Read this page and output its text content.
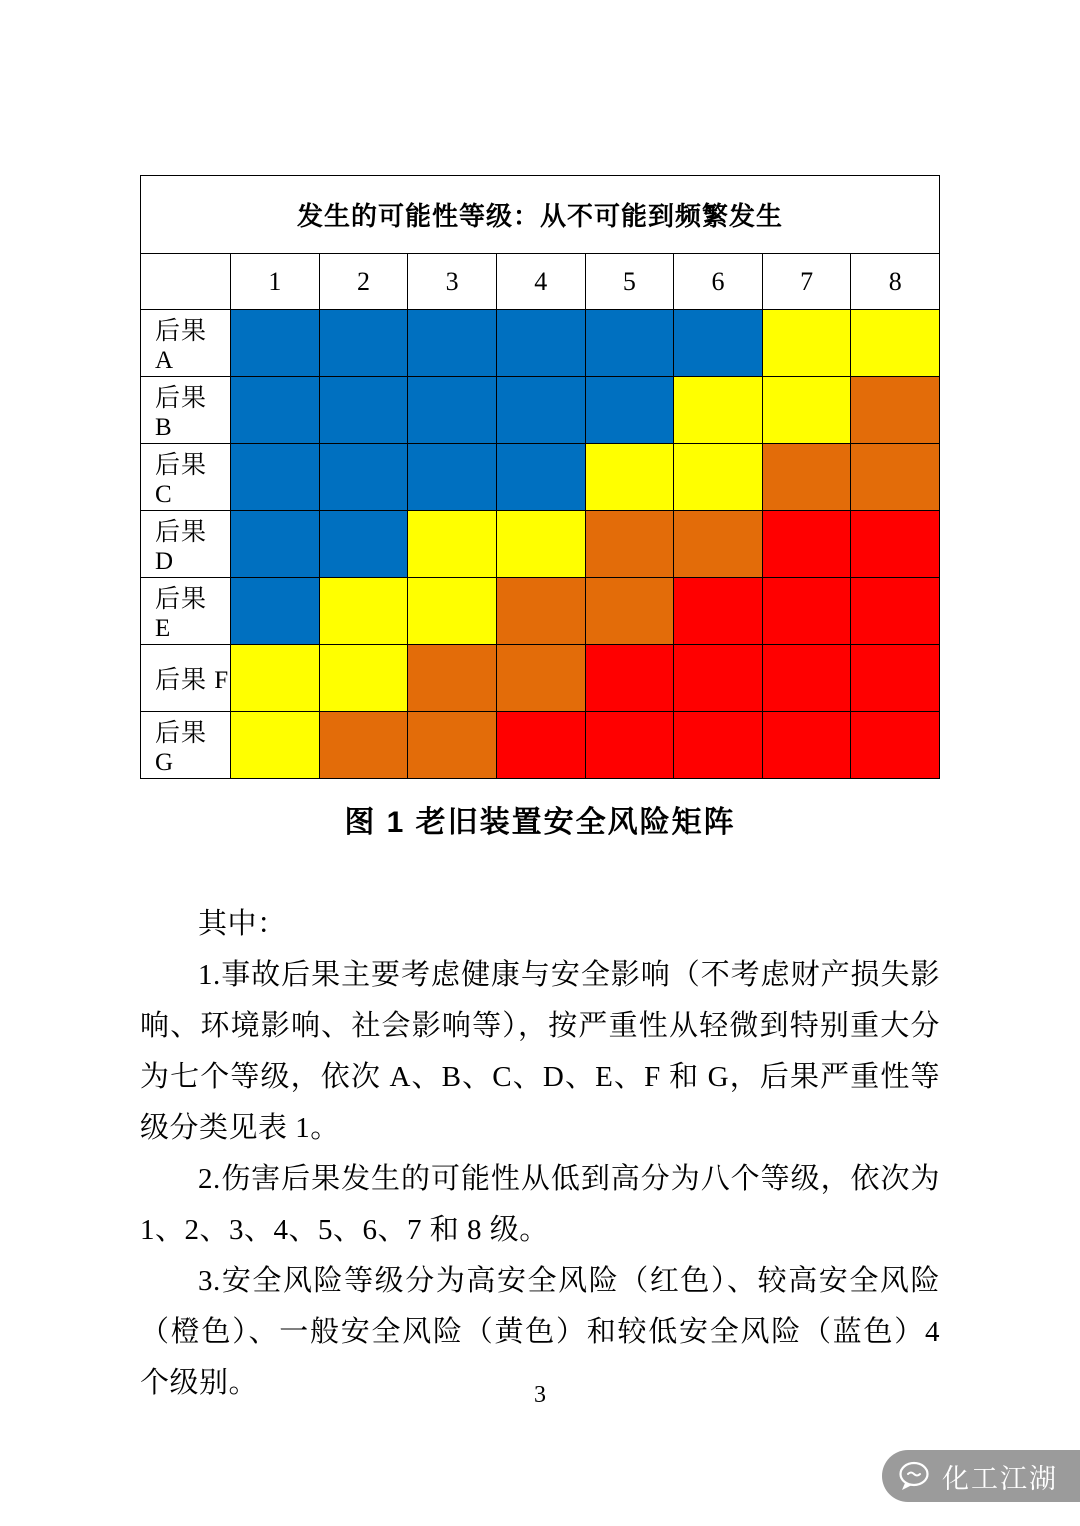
发生的可能性等级：从不可能到频繁发生								
	1	2	3	4	5	6	7	8
后果 A								
后果 B								
后果 C								
后果 D								
后果 E								
后果 F								
后果 G								
图 1 老旧装置安全风险矩阵

其中：

1.事故后果主要考虑健康与安全影响（不考虑财产损失影响、环境影响、社会影响等），按严重性从轻微到特别重大分为七个等级，依次 A、B、C、D、E、F 和 G，后果严重性等级分类见表 1。

2.伤害后果发生的可能性从低到高分为八个等级，依次为 1、2、3、4、5、6、7 和 8 级。

3.安全风险等级分为高安全风险（红色）、较高安全风险（橙色）、一般安全风险（黄色）和较低安全风险（蓝色）4 个级别。	3
化工江湖
